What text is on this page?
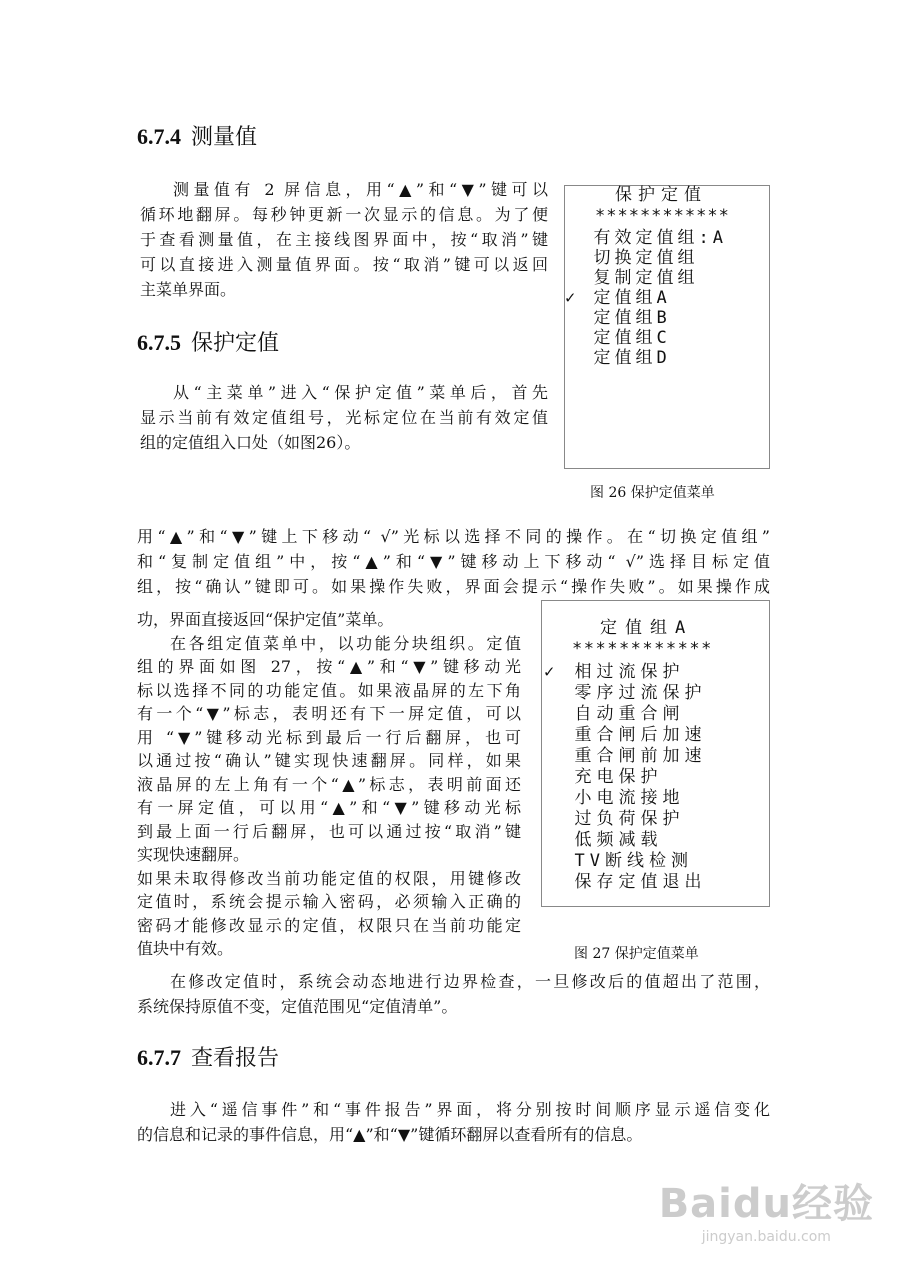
6.7.4 测量值
测量值有 2 屏信息，用“▲”和“▼”键可以
循环地翻屏。每秒钟更新一次显示的信息。为了便
于查看测量值，在主接线图界面中，按“取消”键
可以直接进入测量值界面。按“取消”键可以返回
主菜单界面。
6.7.5 保护定值
从“主菜单”进入“保护定值”菜单后，首先
显示当前有效定值组号，光标定位在当前有效定值
组的定值组入口处（如图26）。
保护定值
************
有效定值组:A
切换定值组
复制定值组
✓ 定值组A
定值组B
定值组C
定值组D
图 26 保护定值菜单
用“▲”和“▼”键上下移动“ √”光标以选择不同的操作。在“切换定值组”
和“复制定值组”中，按“▲”和“▼”键移动上下移动“ √”选择目标定值
组，按“确认”键即可。如果操作失败，界面会提示“操作失败”。如果操作成
功，界面直接返回“保护定值”菜单。
在各组定值菜单中，以功能分块组织。定值
组的界面如图 27，按“▲”和“▼”键移动光
标以选择不同的功能定值。如果液晶屏的左下角
有一个“▼”标志，表明还有下一屏定值，可以
用 “▼”键移动光标到最后一行后翻屏，也可
以通过按“确认”键实现快速翻屏。同样，如果
液晶屏的左上角有一个“▲”标志，表明前面还
有一屏定值，可以用“▲”和“▼”键移动光标
到最上面一行后翻屏，也可以通过按“取消”键
实现快速翻屏。
如果未取得修改当前功能定值的权限，用键修改
定值时，系统会提示输入密码，必须输入正确的
密码才能修改显示的定值，权限只在当前功能定
值块中有效。
定值组A
************
✓ 相过流保护
零序过流保护
自动重合闸
重合闸后加速
重合闸前加速
充电保护
小电流接地
过负荷保护
低频减载
TV断线检测
保存定值退出
图 27 保护定值菜单
在修改定值时，系统会动态地进行边界检查，一旦修改后的值超出了范围，
系统保持原值不变，定值范围见“定值清单”。
6.7.7 查看报告
进入“遥信事件”和“事件报告”界面，将分别按时间顺序显示遥信变化
的信息和记录的事件信息，用“▲”和“▼”键循环翻屏以查看所有的信息。
Baidu经验
jingyan.baidu.com
